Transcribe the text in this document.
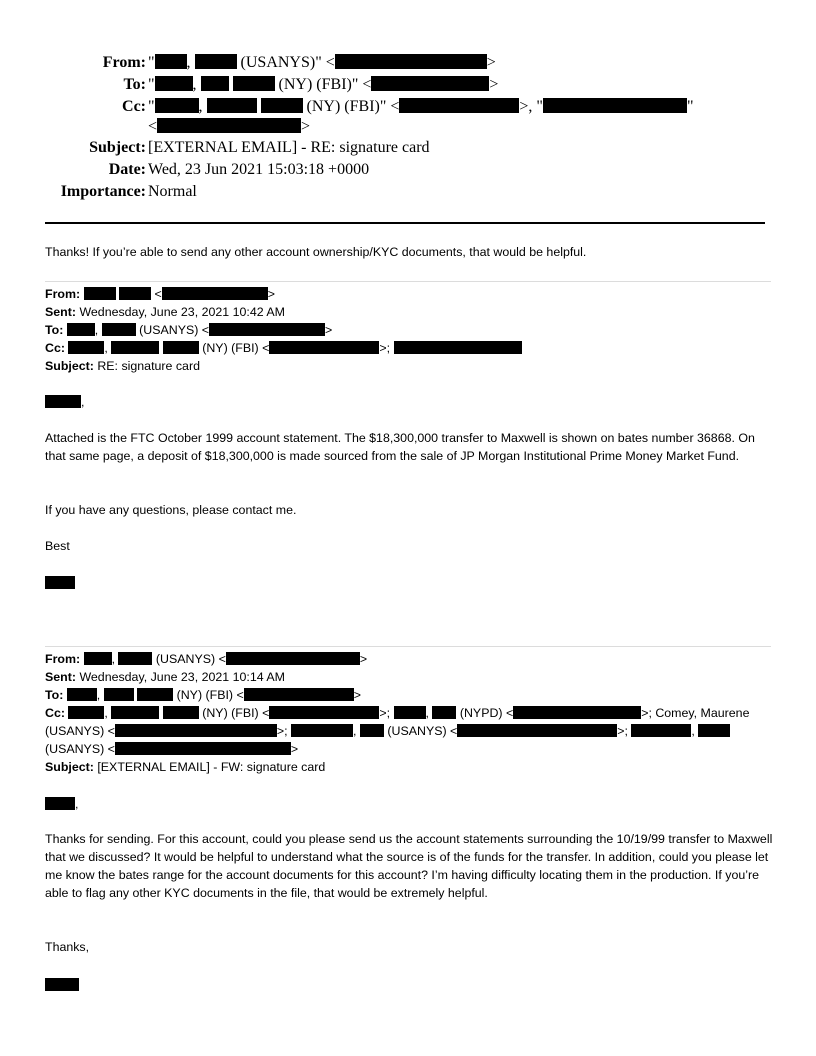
From: " ,	(USANYS)" <	>
To: " ,	(NY) (FBI)" <	>
Cc: "	,	(NY) (FBI)" <	>, "	"
<	>
Subject: [EXTERNAL EMAIL] - RE: signature card
Date: Wed, 23 Jun 2021 15:03:18 +0000
Importance: Normal
Thanks! If you’re able to send any other account ownership/KYC documents, that would be helpful.
From:	<	>
Sent: Wednesday, June 23, 2021 10:42 AM
To:	,	(USANYS) <	>
Cc:	,	(NY) (FBI) <	>;
Subject: RE: signature card
,
Attached is the FTC October 1999 account statement. The $18,300,000 transfer to Maxwell is shown on bates number 36868. On that same page, a deposit of $18,300,000 is made sourced from the sale of JP Morgan Institutional Prime Money Market Fund.
If you have any questions, please contact me.
Best
From:	,	(USANYS) <	>
Sent: Wednesday, June 23, 2021 10:14 AM
To:	,	(NY) (FBI) <	>
Cc:	,	(NY) (FBI) <	>;	, (NYPD) <	>; Comey, Maurene
(USANYS) <	>;	, (USANYS) <	>;	,
(USANYS) <	>
Subject: [EXTERNAL EMAIL] - FW: signature card
,
Thanks for sending. For this account, could you please send us the account statements surrounding the 10/19/99 transfer to Maxwell that we discussed? It would be helpful to understand what the source is of the funds for the transfer. In addition, could you please let me know the bates range for the account documents for this account? I’m having difficulty locating them in the production. If you’re able to flag any other KYC documents in the file, that would be extremely helpful.
Thanks,
